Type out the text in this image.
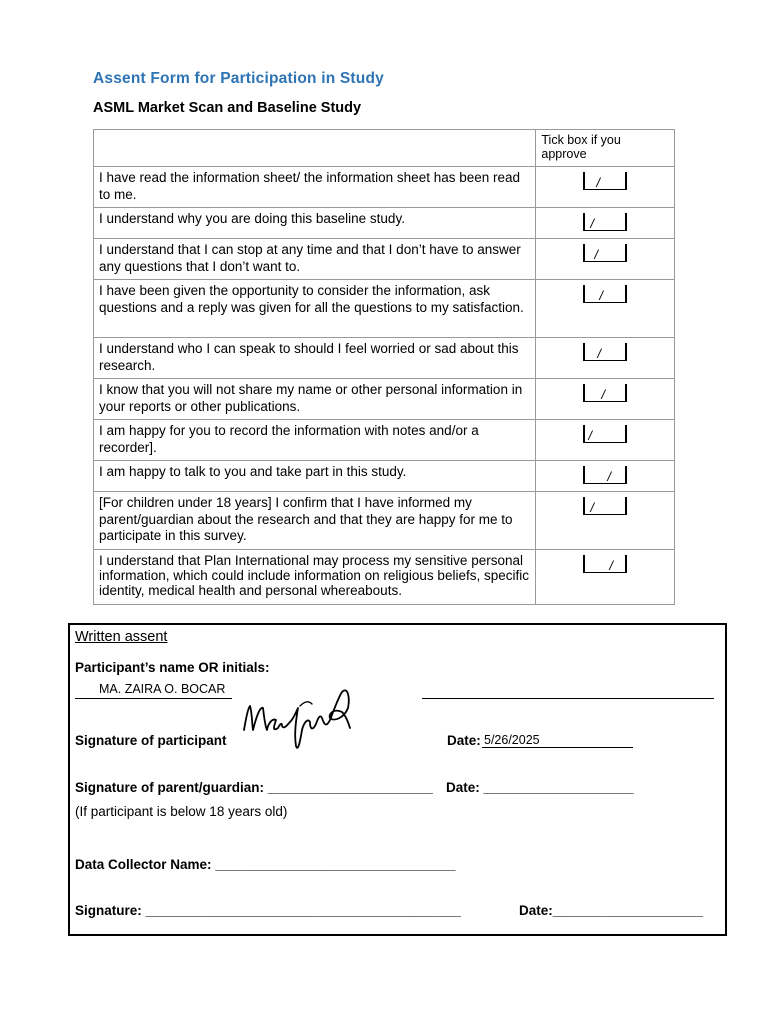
Assent Form for Participation in Study
ASML Market Scan and Baseline Study
	Tick box if you approve
I have read the information sheet/ the information sheet has been read to me.	/

I understand why you are doing this baseline study.	/

I understand that I can stop at any time and that I don’t have to answer any questions that I don’t want to.	/

I have been given the opportunity to consider the information, ask questions and a reply was given for all the questions to my satisfaction.	/

I understand who I can speak to should I feel worried or sad about this research.	/

I know that you will not share my name or other personal information in your reports or other publications.	/

I am happy for you to record the information with notes and/or a recorder].	/

I am happy to talk to you and take part in this study.	/

[For children under 18 years] I confirm that I have informed my parent/guardian about the research and that they are happy for me to participate in this survey.	/

I understand that Plan International may process my sensitive personal information, which could include information on religious beliefs, specific identity, medical health and personal whereabouts.	/
Written assent
Participant’s name OR initials:
MA. ZAIRA O. BOCAR
Signature of participant	Date: 5/26/2025
Signature of parent/guardian: ______________________ Date: ____________________
(If participant is below 18 years old)
Data Collector Name: ________________________________
Signature: __________________________________________	Date:____________________
